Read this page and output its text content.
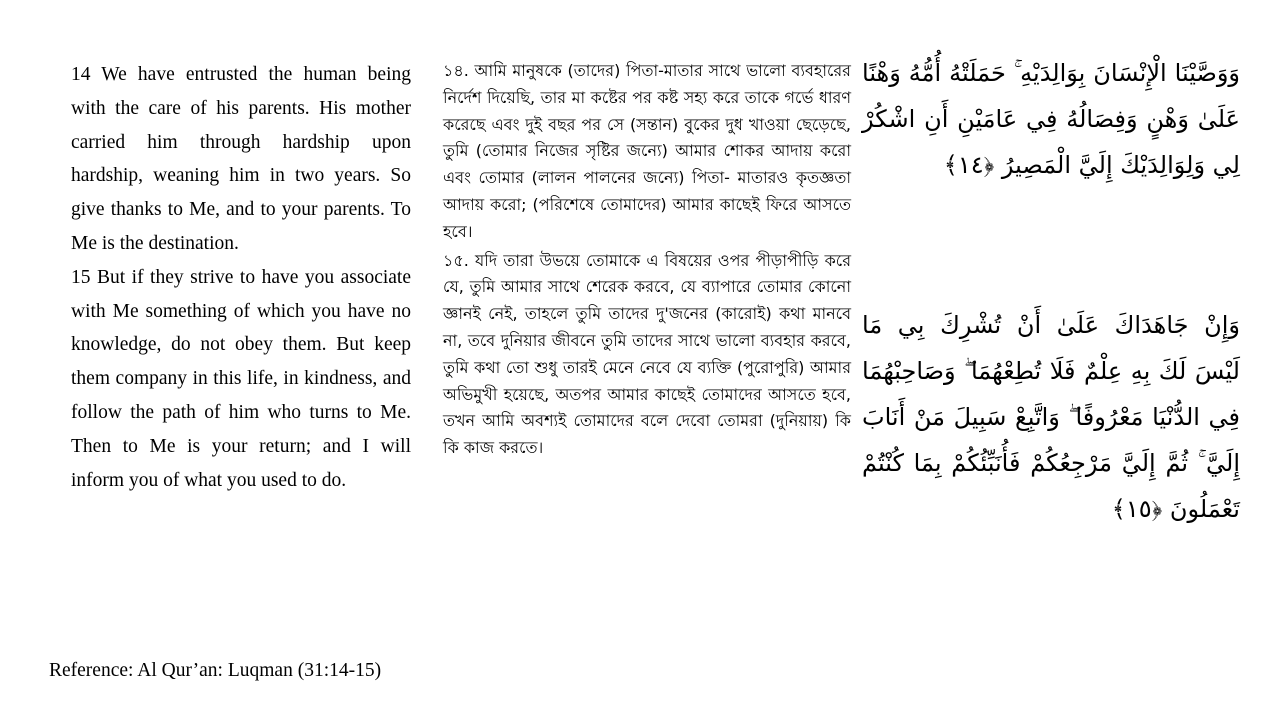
14 We have entrusted the human being with the care of his parents. His mother carried him through hardship upon hardship, weaning him in two years. So give thanks to Me, and to your parents. To Me is the destination.

15 But if they strive to have you associate with Me something of which you have no knowledge, do not obey them. But keep them company in this life, in kindness, and follow the path of him who turns to Me. Then to Me is your return; and I will inform you of what you used to do.

১৪. আমি মানুষকে (তাদের) পিতা-মাতার সাথে ভালো ব্যবহারের নির্দেশ দিয়েছি, তার মা কষ্টের পর কষ্ট সহ্য করে তাকে গর্ভে ধারণ করেছে এবং দুই বছর পর সে (সন্তান) বুকের দুধ খাওয়া ছেড়েছে, তুমি (তোমার নিজের সৃষ্টির জন্যে) আমার শোকর আদায় করো এবং তোমার (লালন পালনের জন্যে) পিতা- মাতারও কৃতজ্ঞতা আদায় করো; (পরিশেষে তোমাদের) আমার কাছেই ফিরে আসতে হবে।

১৫. যদি তারা উভয়ে তোমাকে এ বিষয়ের ওপর পীড়াপীড়ি করে যে, তুমি আমার সাথে শেরেক করবে, যে ব্যাপারে তোমার কোনো জ্ঞানই নেই, তাহলে তুমি তাদের দু'জনের (কারোই) কথা মানবে না, তবে দুনিয়ার জীবনে তুমি তাদের সাথে ভালো ব্যবহার করবে, তুমি কথা তো শুধু তারই মেনে নেবে যে ব্যক্তি (পুরোপুরি) আমার অভিমুখী হয়েছে, অতপর আমার কাছেই তোমাদের আসতে হবে, তখন আমি অবশ্যই তোমাদের বলে দেবো তোমরা (দুনিয়ায়) কি কি কাজ করতে।

وَوَصَّيْنَا الْإِنْسَانَ بِوَالِدَيْهِ ۚ حَمَلَتْهُ أُمُّهُ وَهْنًا عَلَىٰ وَهْنٍ وَفِصَالُهُ فِي عَامَيْنِ أَنِ اشْكُرْ لِي وَلِوَالِدَيْكَ إِلَيَّ الْمَصِيرُ ﴿١٤﴾
وَإِنْ جَاهَدَاكَ عَلَىٰ أَنْ تُشْرِكَ بِي مَا لَيْسَ لَكَ بِهِ عِلْمٌ فَلَا تُطِعْهُمَا ۖ وَصَاحِبْهُمَا فِي الدُّنْيَا مَعْرُوفًا ۖ وَاتَّبِعْ سَبِيلَ مَنْ أَنَابَ إِلَيَّ ۚ ثُمَّ إِلَيَّ مَرْجِعُكُمْ فَأُنَبِّئُكُمْ بِمَا كُنْتُمْ تَعْمَلُونَ ﴿١٥﴾
Reference: Al Qur’an: Luqman (31:14-15)
